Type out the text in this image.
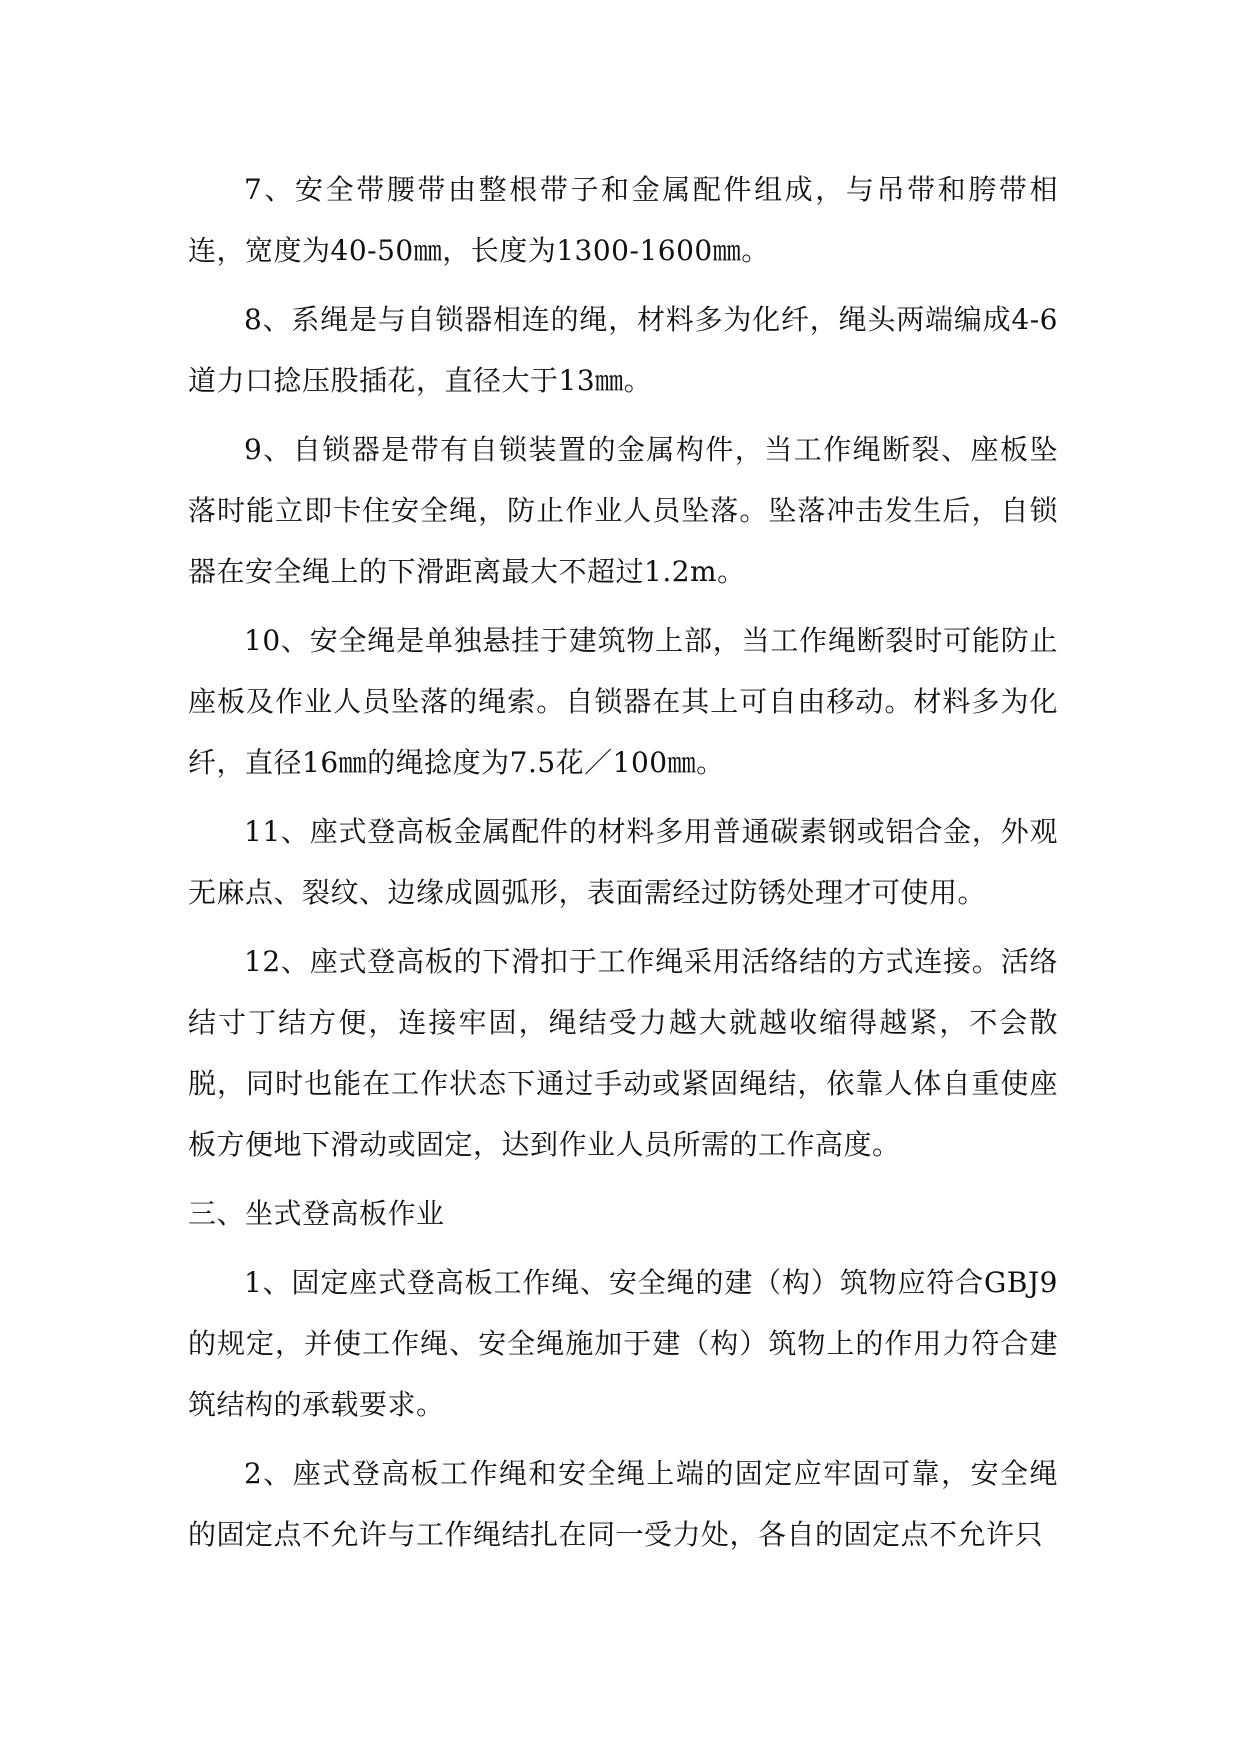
7、安全带腰带由整根带子和金属配件组成，与吊带和胯带相连，宽度为40-50㎜，长度为1300-1600㎜。

8、系绳是与自锁器相连的绳，材料多为化纤，绳头两端编成4-6道力口捻压股插花，直径大于13㎜。

9、自锁器是带有自锁装置的金属构件，当工作绳断裂、座板坠落时能立即卡住安全绳，防止作业人员坠落。坠落冲击发生后，自锁器在安全绳上的下滑距离最大不超过1.2m。

10、安全绳是单独悬挂于建筑物上部，当工作绳断裂时可能防止座板及作业人员坠落的绳索。自锁器在其上可自由移动。材料多为化纤，直径16㎜的绳捻度为7.5花／100㎜。

11、座式登高板金属配件的材料多用普通碳素钢或铝合金，外观无麻点、裂纹、边缘成圆弧形，表面需经过防锈处理才可使用。

12、座式登高板的下滑扣于工作绳采用活络结的方式连接。活络结寸丁结方便，连接牢固，绳结受力越大就越收缩得越紧，不会散脱，同时也能在工作状态下通过手动或紧固绳结，依靠人体自重使座板方便地下滑动或固定，达到作业人员所需的工作高度。

三、坐式登高板作业

1、固定座式登高板工作绳、安全绳的建（构）筑物应符合GBJ9的规定，并使工作绳、安全绳施加于建（构）筑物上的作用力符合建筑结构的承载要求。

2、座式登高板工作绳和安全绳上端的固定应牢固可靠，安全绳的固定点不允许与工作绳结扎在同一受力处，各自的固定点不允许只
